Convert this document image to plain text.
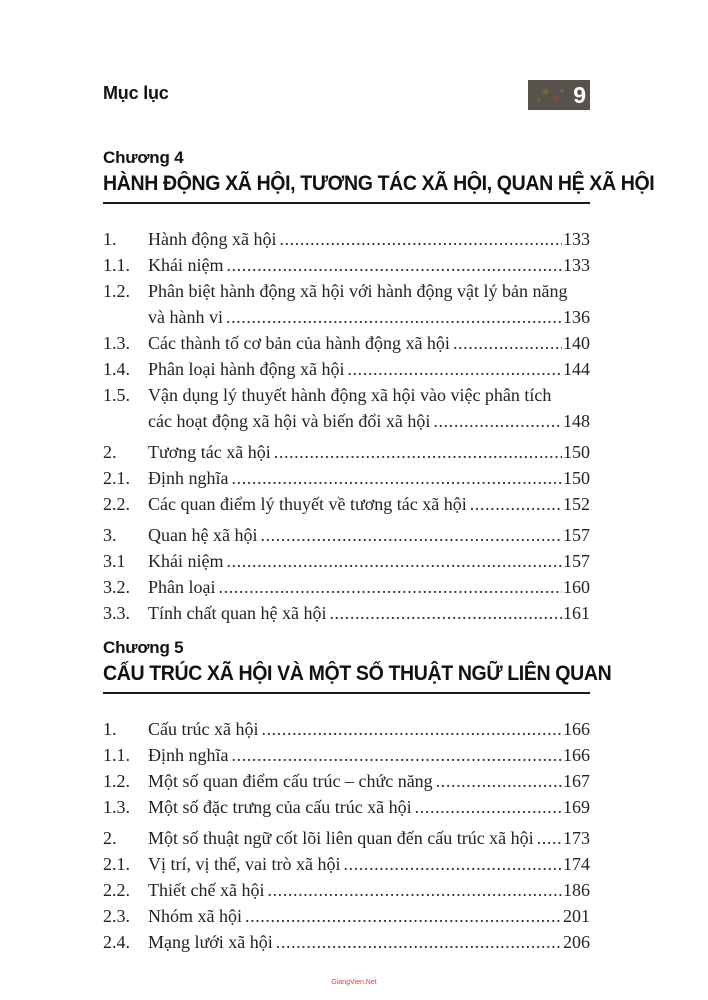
Mục lục	9
Chương 4
HÀNH ĐỘNG XÃ HỘI, TƯƠNG TÁC XÃ HỘI, QUAN HỆ XÃ HỘI
1.	Hành động xã hội .....	133
1.1.	Khái niệm .....	133
1.2.	Phân biệt hành động xã hội với hành động vật lý bản năng
và hành vi .....	136
1.3.	Các thành tố cơ bản của hành động xã hội .....	140
1.4.	Phân loại hành động xã hội .....	144
1.5.	Vận dụng lý thuyết hành động xã hội vào việc phân tích
các hoạt động xã hội và biến đổi xã hội .....	148
2.	Tương tác xã hội .....	150
2.1.	Định nghĩa .....	150
2.2.	Các quan điểm lý thuyết về tương tác xã hội .....	152
3.	Quan hệ xã hội .....	157
3.1	Khái niệm .....	157
3.2.	Phân loại .....	160
3.3.	Tính chất quan hệ xã hội .....	161
Chương 5
CẤU TRÚC XÃ HỘI VÀ MỘT SỐ THUẬT NGỮ LIÊN QUAN
1.	Cấu trúc xã hội .....	166
1.1.	Định nghĩa .....	166
1.2.	Một số quan điểm cấu trúc – chức năng .....	167
1.3.	Một số đặc trưng của cấu trúc xã hội .....	169
2.	Một số thuật ngữ cốt lõi liên quan đến cấu trúc xã hội ..... 173
2.1.	Vị trí, vị thế, vai trò xã hội .....	174
2.2.	Thiết chế xã hội .....	186
2.3.	Nhóm xã hội .....	201
2.4.	Mạng lưới xã hội .....	206
GiangVien.Net
